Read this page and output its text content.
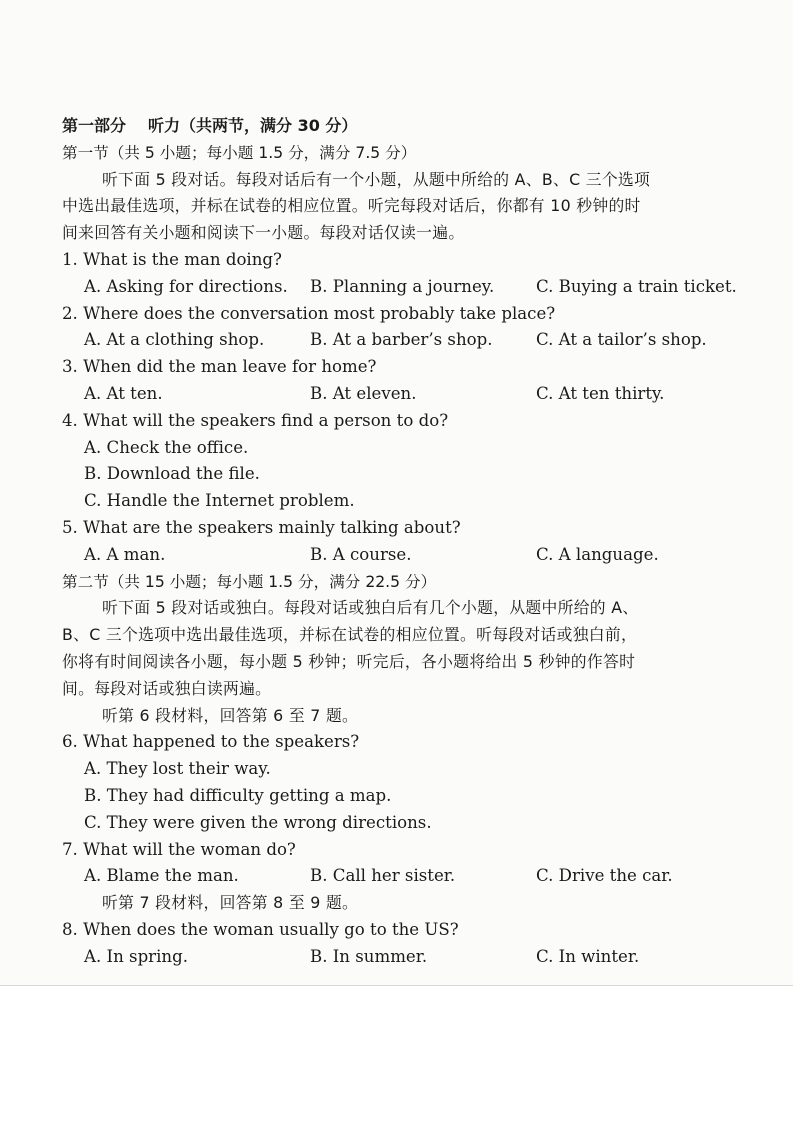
第一部分 听力（共两节，满分 30 分）
第一节（共 5 小题；每小题 1.5 分，满分 7.5 分）
听下面 5 段对话。每段对话后有一个小题，从题中所给的 A、B、C 三个选项
中选出最佳选项，并标在试卷的相应位置。听完每段对话后，你都有 10 秒钟的时
间来回答有关小题和阅读下一小题。每段对话仅读一遍。
1. What is the man doing?
A. Asking for directions. B. Planning a journey.	C. Buying a train ticket.
2. Where does the conversation most probably take place?
A. At a clothing shop.	B. At a barber’s shop.	C. At a tailor’s shop.
3. When did the man leave for home?
A. At ten.	B. At eleven.	C. At ten thirty.
4. What will the speakers find a person to do?
A. Check the office.
B. Download the file.
C. Handle the Internet problem.
5. What are the speakers mainly talking about?
A. A man.	B. A course.	C. A language.
第二节（共 15 小题；每小题 1.5 分，满分 22.5 分）
听下面 5 段对话或独白。每段对话或独白后有几个小题，从题中所给的 A、
B、C 三个选项中选出最佳选项，并标在试卷的相应位置。听每段对话或独白前，
你将有时间阅读各小题，每小题 5 秒钟；听完后，各小题将给出 5 秒钟的作答时
间。每段对话或独白读两遍。
听第 6 段材料，回答第 6 至 7 题。
6. What happened to the speakers?
A. They lost their way.
B. They had difficulty getting a map.
C. They were given the wrong directions.
7. What will the woman do?
A. Blame the man.	B. Call her sister.	C. Drive the car.
听第 7 段材料，回答第 8 至 9 题。
8. When does the woman usually go to the US?
A. In spring.	B. In summer.	C. In winter.
